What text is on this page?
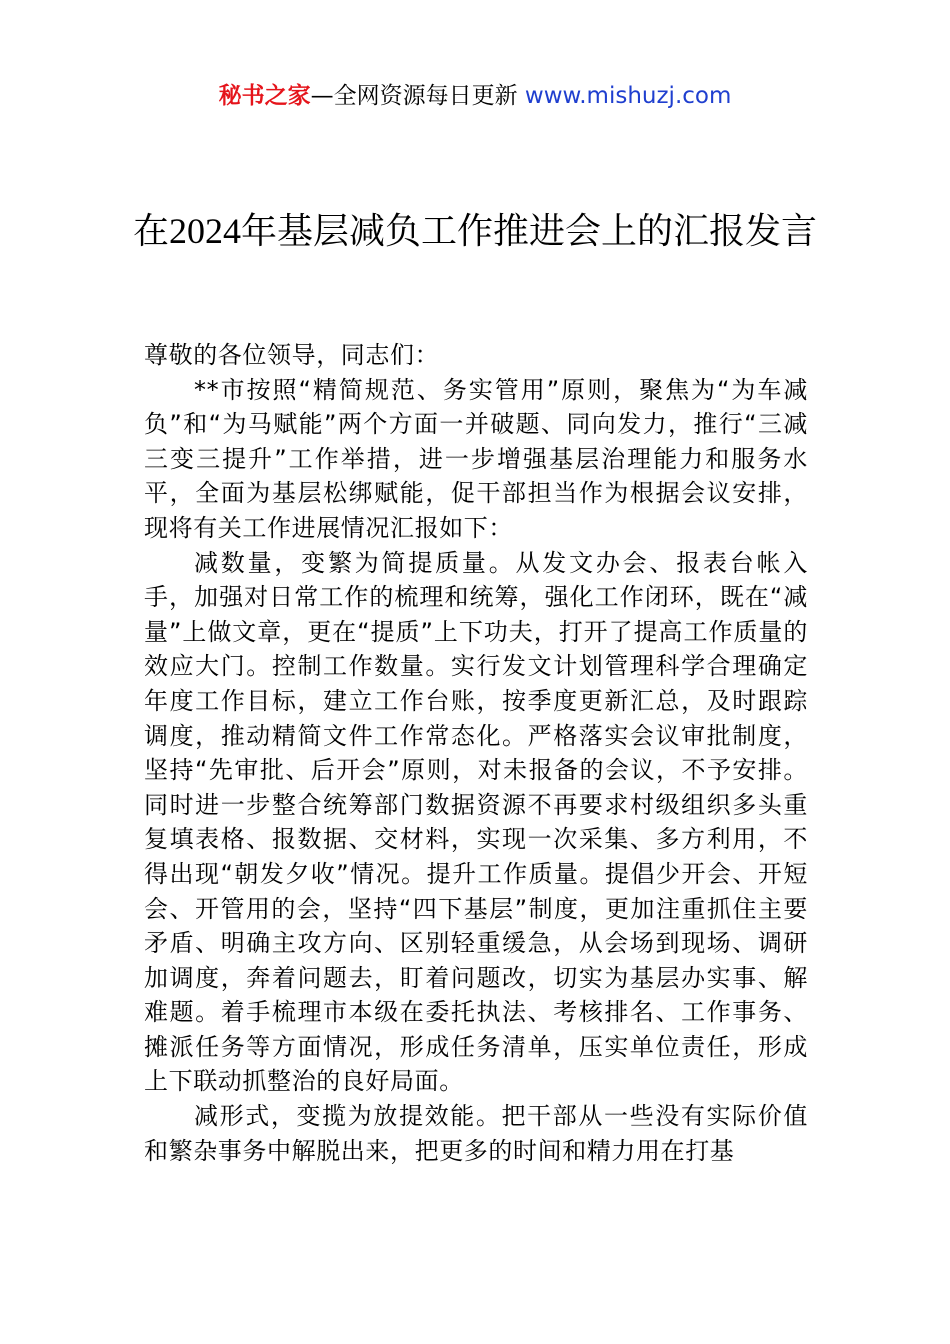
秘书之家—全网资源每日更新 www.mishuzj.com
在2024年基层减负工作推进会上的汇报发言

尊敬的各位领导，同志们：

**市按照“精简规范、务实管用”原则，聚焦为“为车减负”和“为马赋能”两个方面一并破题、同向发力，推行“三减三变三提升”工作举措，进一步增强基层治理能力和服务水平，全面为基层松绑赋能，促干部担当作为根据会议安排，现将有关工作进展情况汇报如下：

减数量，变繁为简提质量。从发文办会、报表台帐入手，加强对日常工作的梳理和统筹，强化工作闭环，既在“减量”上做文章，更在“提质”上下功夫，打开了提高工作质量的效应大门。控制工作数量。实行发文计划管理科学合理确定年度工作目标，建立工作台账，按季度更新汇总，及时跟踪调度，推动精简文件工作常态化。严格落实会议审批制度，坚持“先审批、后开会”原则，对未报备的会议，不予安排。同时进一步整合统筹部门数据资源不再要求村级组织多头重复填表格、报数据、交材料，实现一次采集、多方利用，不得出现“朝发夕收”情况。提升工作质量。提倡少开会、开短会、开管用的会，坚持“四下基层”制度，更加注重抓住主要矛盾、明确主攻方向、区别轻重缓急，从会场到现场、调研加调度，奔着问题去，盯着问题改，切实为基层办实事、解难题。着手梳理市本级在委托执法、考核排名、工作事务、摊派任务等方面情况，形成任务清单，压实单位责任，形成上下联动抓整治的良好局面。

减形式，变揽为放提效能。把干部从一些没有实际价值和繁杂事务中解脱出来，把更多的时间和精力用在打基
